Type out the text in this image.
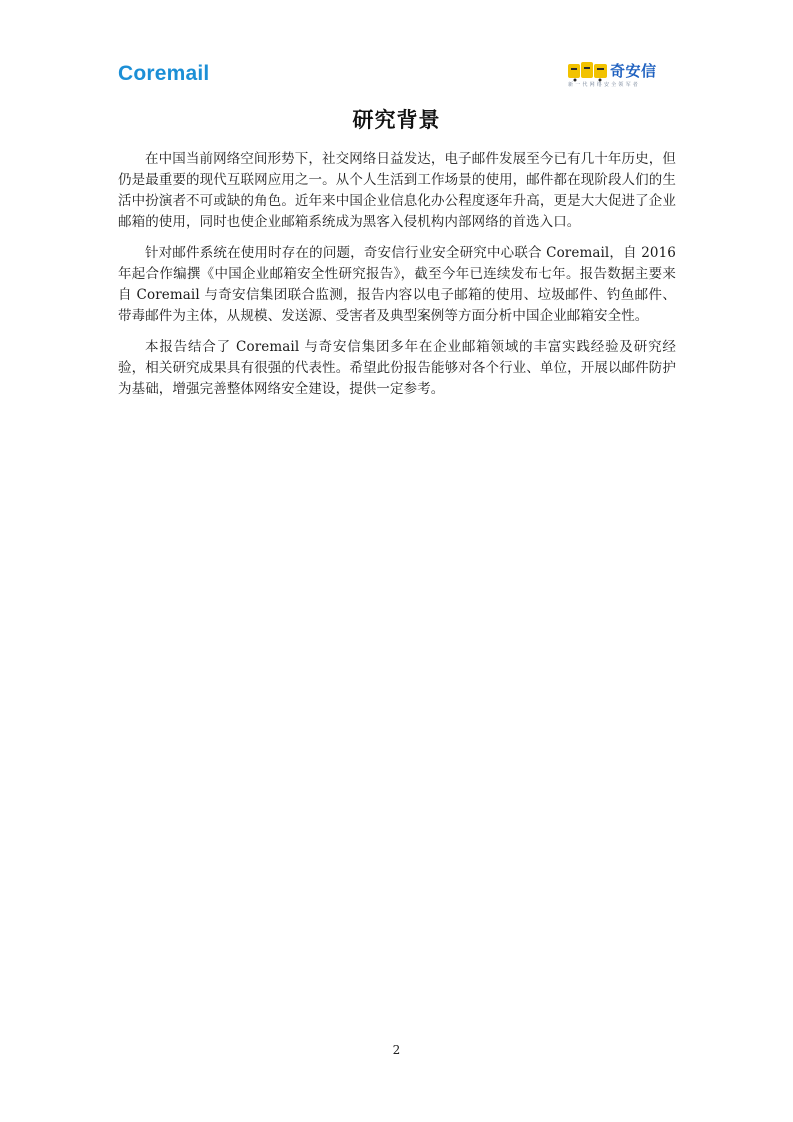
Coremail	奇安信
新一代网络安全领军者
研究背景

在中国当前网络空间形势下，社交网络日益发达，电子邮件发展至今已有几十年历史，但仍是最重要的现代互联网应用之一。从个人生活到工作场景的使用，邮件都在现阶段人们的生活中扮演者不可或缺的角色。近年来中国企业信息化办公程度逐年升高，更是大大促进了企业邮箱的使用，同时也使企业邮箱系统成为黑客入侵机构内部网络的首选入口。

针对邮件系统在使用时存在的问题，奇安信行业安全研究中心联合 Coremail，自 2016 年起合作编撰《中国企业邮箱安全性研究报告》，截至今年已连续发布七年。报告数据主要来自 Coremail 与奇安信集团联合监测，报告内容以电子邮箱的使用、垃圾邮件、钓鱼邮件、带毒邮件为主体，从规模、发送源、受害者及典型案例等方面分析中国企业邮箱安全性。

本报告结合了 Coremail 与奇安信集团多年在企业邮箱领域的丰富实践经验及研究经验，相关研究成果具有很强的代表性。希望此份报告能够对各个行业、单位，开展以邮件防护为基础，增强完善整体网络安全建设，提供一定参考。

2
